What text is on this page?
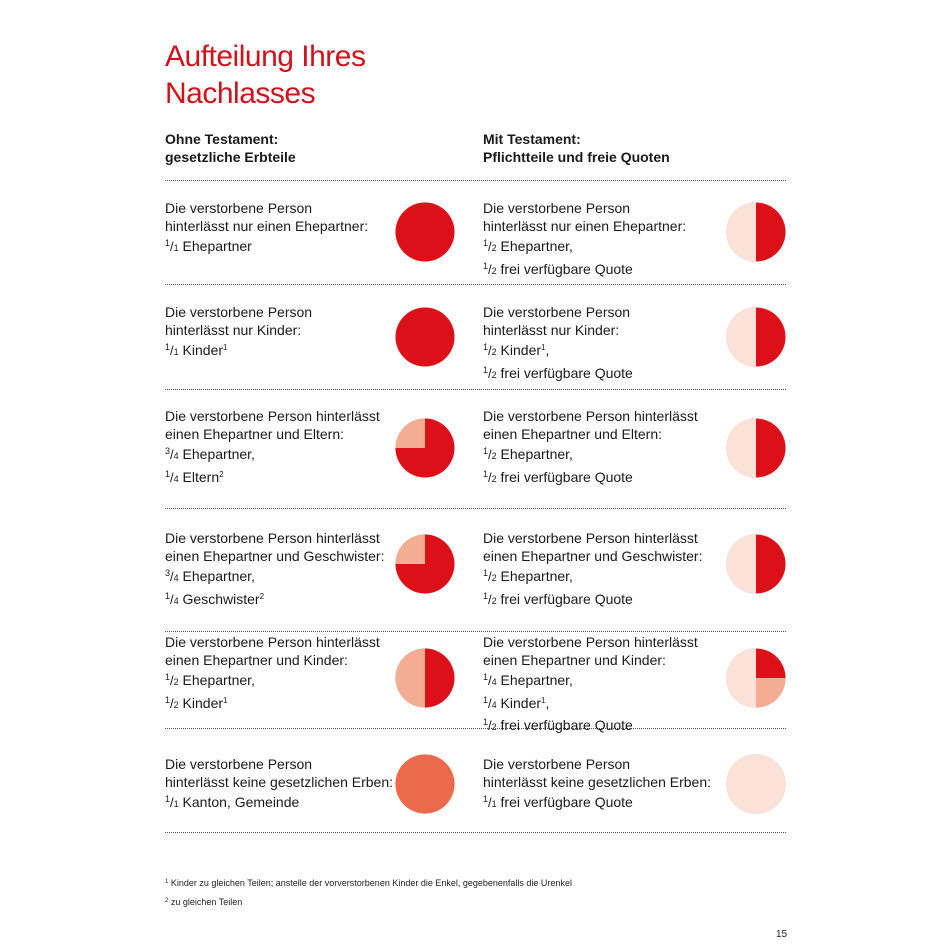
Aufteilung Ihres
Nachlasses
Ohne Testament:
gesetzliche Erbteile
Mit Testament:
Pflichtteile und freie Quoten
Die verstorbene Person
hinterlässt nur einen Ehepartner:
$^1$/1 Ehepartner
Die verstorbene Person
hinterlässt nur einen Ehepartner:
$^1$/2 Ehepartner,
$^1$/2 frei verfügbare Quote
Die verstorbene Person
hinterlässt nur Kinder:
$^1$/1 Kinder$^1$
Die verstorbene Person
hinterlässt nur Kinder:
$^1$/2 Kinder$^1$,
$^1$/2 frei verfügbare Quote
Die verstorbene Person hinterlässt
einen Ehepartner und Eltern:
$^3$/4 Ehepartner,
$^1$/4 Eltern$^2$
Die verstorbene Person hinterlässt
einen Ehepartner und Eltern:
$^1$/2 Ehepartner,
$^1$/2 frei verfügbare Quote
Die verstorbene Person hinterlässt
einen Ehepartner und Geschwister:
$^3$/4 Ehepartner,
$^1$/4 Geschwister$^2$
Die verstorbene Person hinterlässt
einen Ehepartner und Geschwister:
$^1$/2 Ehepartner,
$^1$/2 frei verfügbare Quote
Die verstorbene Person hinterlässt
einen Ehepartner und Kinder:
$^1$/2 Ehepartner,
$^1$/2 Kinder$^1$
Die verstorbene Person hinterlässt
einen Ehepartner und Kinder:
$^1$/4 Ehepartner,
$^1$/4 Kinder$^1$,
$^1$/2 frei verfügbare Quote
Die verstorbene Person
hinterlässt keine gesetzlichen Erben:
$^1$/1 Kanton, Gemeinde
Die verstorbene Person
hinterlässt keine gesetzlichen Erben:
$^1$/1 frei verfügbare Quote
$^1$ Kinder zu gleichen Teilen; anstelle der vorverstorbenen Kinder die Enkel, gegebenenfalls die Urenkel
$^2$ zu gleichen Teilen
15
